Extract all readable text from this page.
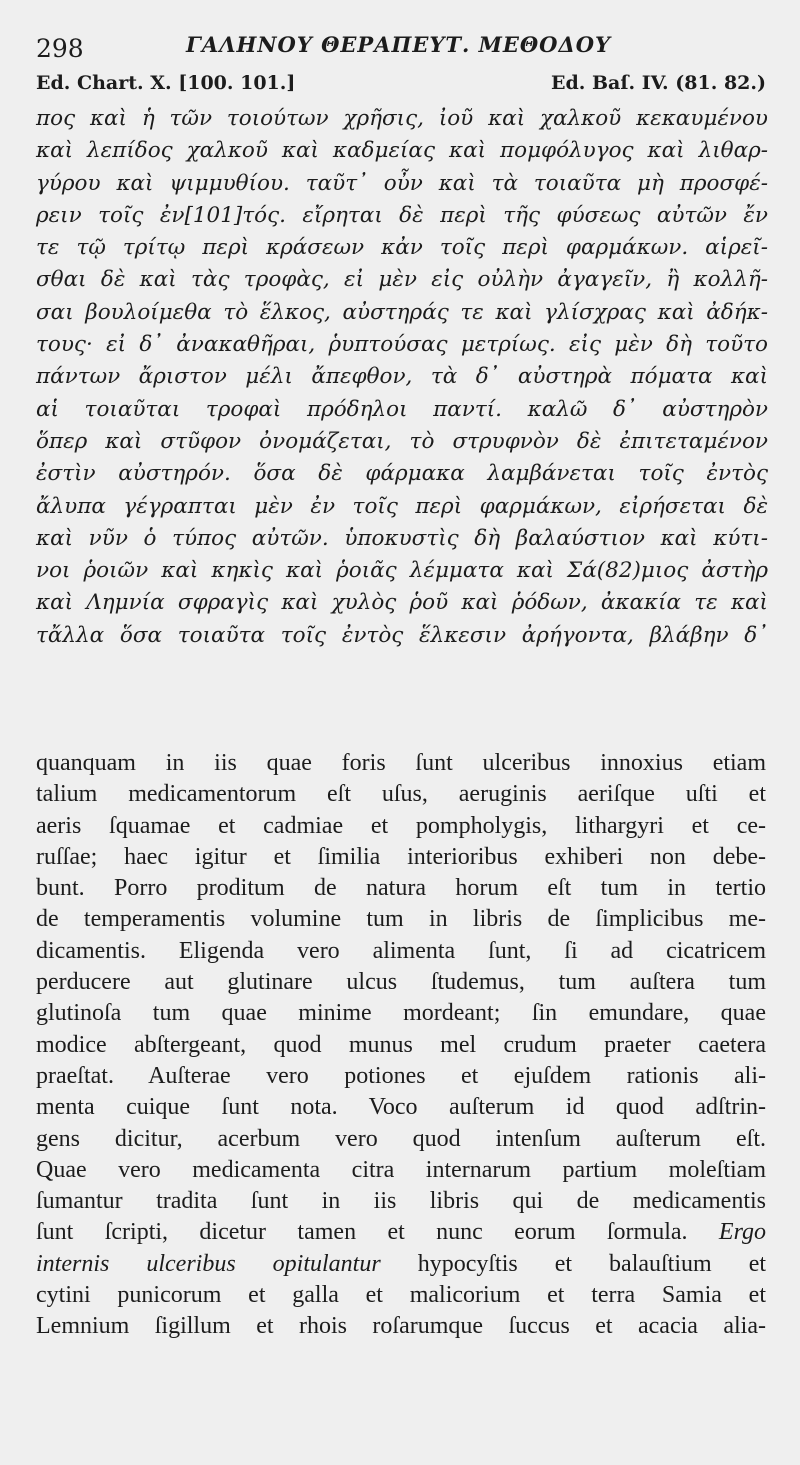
298	ΓΑΛΗΝΟΥ ΘΕΡΑΠΕΥΤ. ΜΕΘΟΔΟΥ
Ed. Chart. X. [100. 101.]	Ed. Baſ. IV. (81. 82.)
πος καὶ ἡ τῶν τοιούτων χρῆσις, ἰοῦ καὶ χαλκοῦ κεκαυμένου
καὶ λεπίδος χαλκοῦ καὶ καδμείας καὶ πομφόλυγος καὶ λιθαρ-
γύρου καὶ ψιμμυθίου. ταῦτ᾽ οὖν καὶ τὰ τοιαῦτα μὴ προσφέ-
ρειν τοῖς ἐν[101]τός. εἴρηται δὲ περὶ τῆς φύσεως αὐτῶν ἔν
τε τῷ τρίτῳ περὶ κράσεων κἀν τοῖς περὶ φαρμάκων. αἱρεῖ-
σθαι δὲ καὶ τὰς τροφὰς, εἰ μὲν εἰς οὐλὴν ἀγαγεῖν, ἢ κολλῆ-
σαι βουλοίμεθα τὸ ἕλκος, αὐστηράς τε καὶ γλίσχρας καὶ ἀδήκ-
τους· εἰ δ᾽ ἀνακαθῆραι, ῥυπτούσας μετρίως. εἰς μὲν δὴ τοῦτο
πάντων ἄριστον μέλι ἄπεφθον, τὰ δ᾽ αὐστηρὰ πόματα καὶ
αἱ τοιαῦται τροφαὶ πρόδηλοι παντί. καλῶ δ᾽ αὐστηρὸν
ὅπερ καὶ στῦφον ὀνομάζεται, τὸ στρυφνὸν δὲ ἐπιτεταμένον
ἐστὶν αὐστηρόν. ὅσα δὲ φάρμακα λαμβάνεται τοῖς ἐντὸς
ἄλυπα γέγραπται μὲν ἐν τοῖς περὶ φαρμάκων, εἰρήσεται δὲ
καὶ νῦν ὁ τύπος αὐτῶν. ὑποκυστὶς δὴ βαλαύστιον καὶ κύτι-
νοι ῥοιῶν καὶ κηκὶς καὶ ῥοιᾶς λέμματα καὶ Σά(82)μιος ἀστὴρ
καὶ Λημνία σφραγὶς καὶ χυλὸς ῥοῦ καὶ ῥόδων, ἀκακία τε καὶ
τἄλλα ὅσα τοιαῦτα τοῖς ἐντὸς ἕλκεσιν ἀρήγοντα, βλάβην δ᾽
quanquam in iis quae foris ſunt ulceribus innoxius etiam
talium medicamentorum eſt uſus, aeruginis aeriſque uſti et
aeris ſquamae et cadmiae et pompholygis, lithargyri et ce-
ruſſae; haec igitur et ſimilia interioribus exhiberi non debe-
bunt. Porro proditum de natura horum eſt tum in tertio
de temperamentis volumine tum in libris de ſimplicibus me-
dicamentis. Eligenda vero alimenta ſunt, ſi ad cicatricem
perducere aut glutinare ulcus ſtudemus, tum auſtera tum
glutinoſa tum quae minime mordeant; ſin emundare, quae
modice abſtergeant, quod munus mel crudum praeter caetera
praeſtat. Auſterae vero potiones et ejuſdem rationis ali-
menta cuique ſunt nota. Voco auſterum id quod adſtrin-
gens dicitur, acerbum vero quod intenſum auſterum eſt.
Quae vero medicamenta citra internarum partium moleſtiam
ſumantur tradita ſunt in iis libris qui de medicamentis
ſunt ſcripti, dicetur tamen et nunc eorum ſormula. Ergo
internis ulceribus opitulantur hypocyſtis et balauſtium et
cytini punicorum et galla et malicorium et terra Samia et
Lemnium ſigillum et rhois roſarumque ſuccus et acacia alia-
